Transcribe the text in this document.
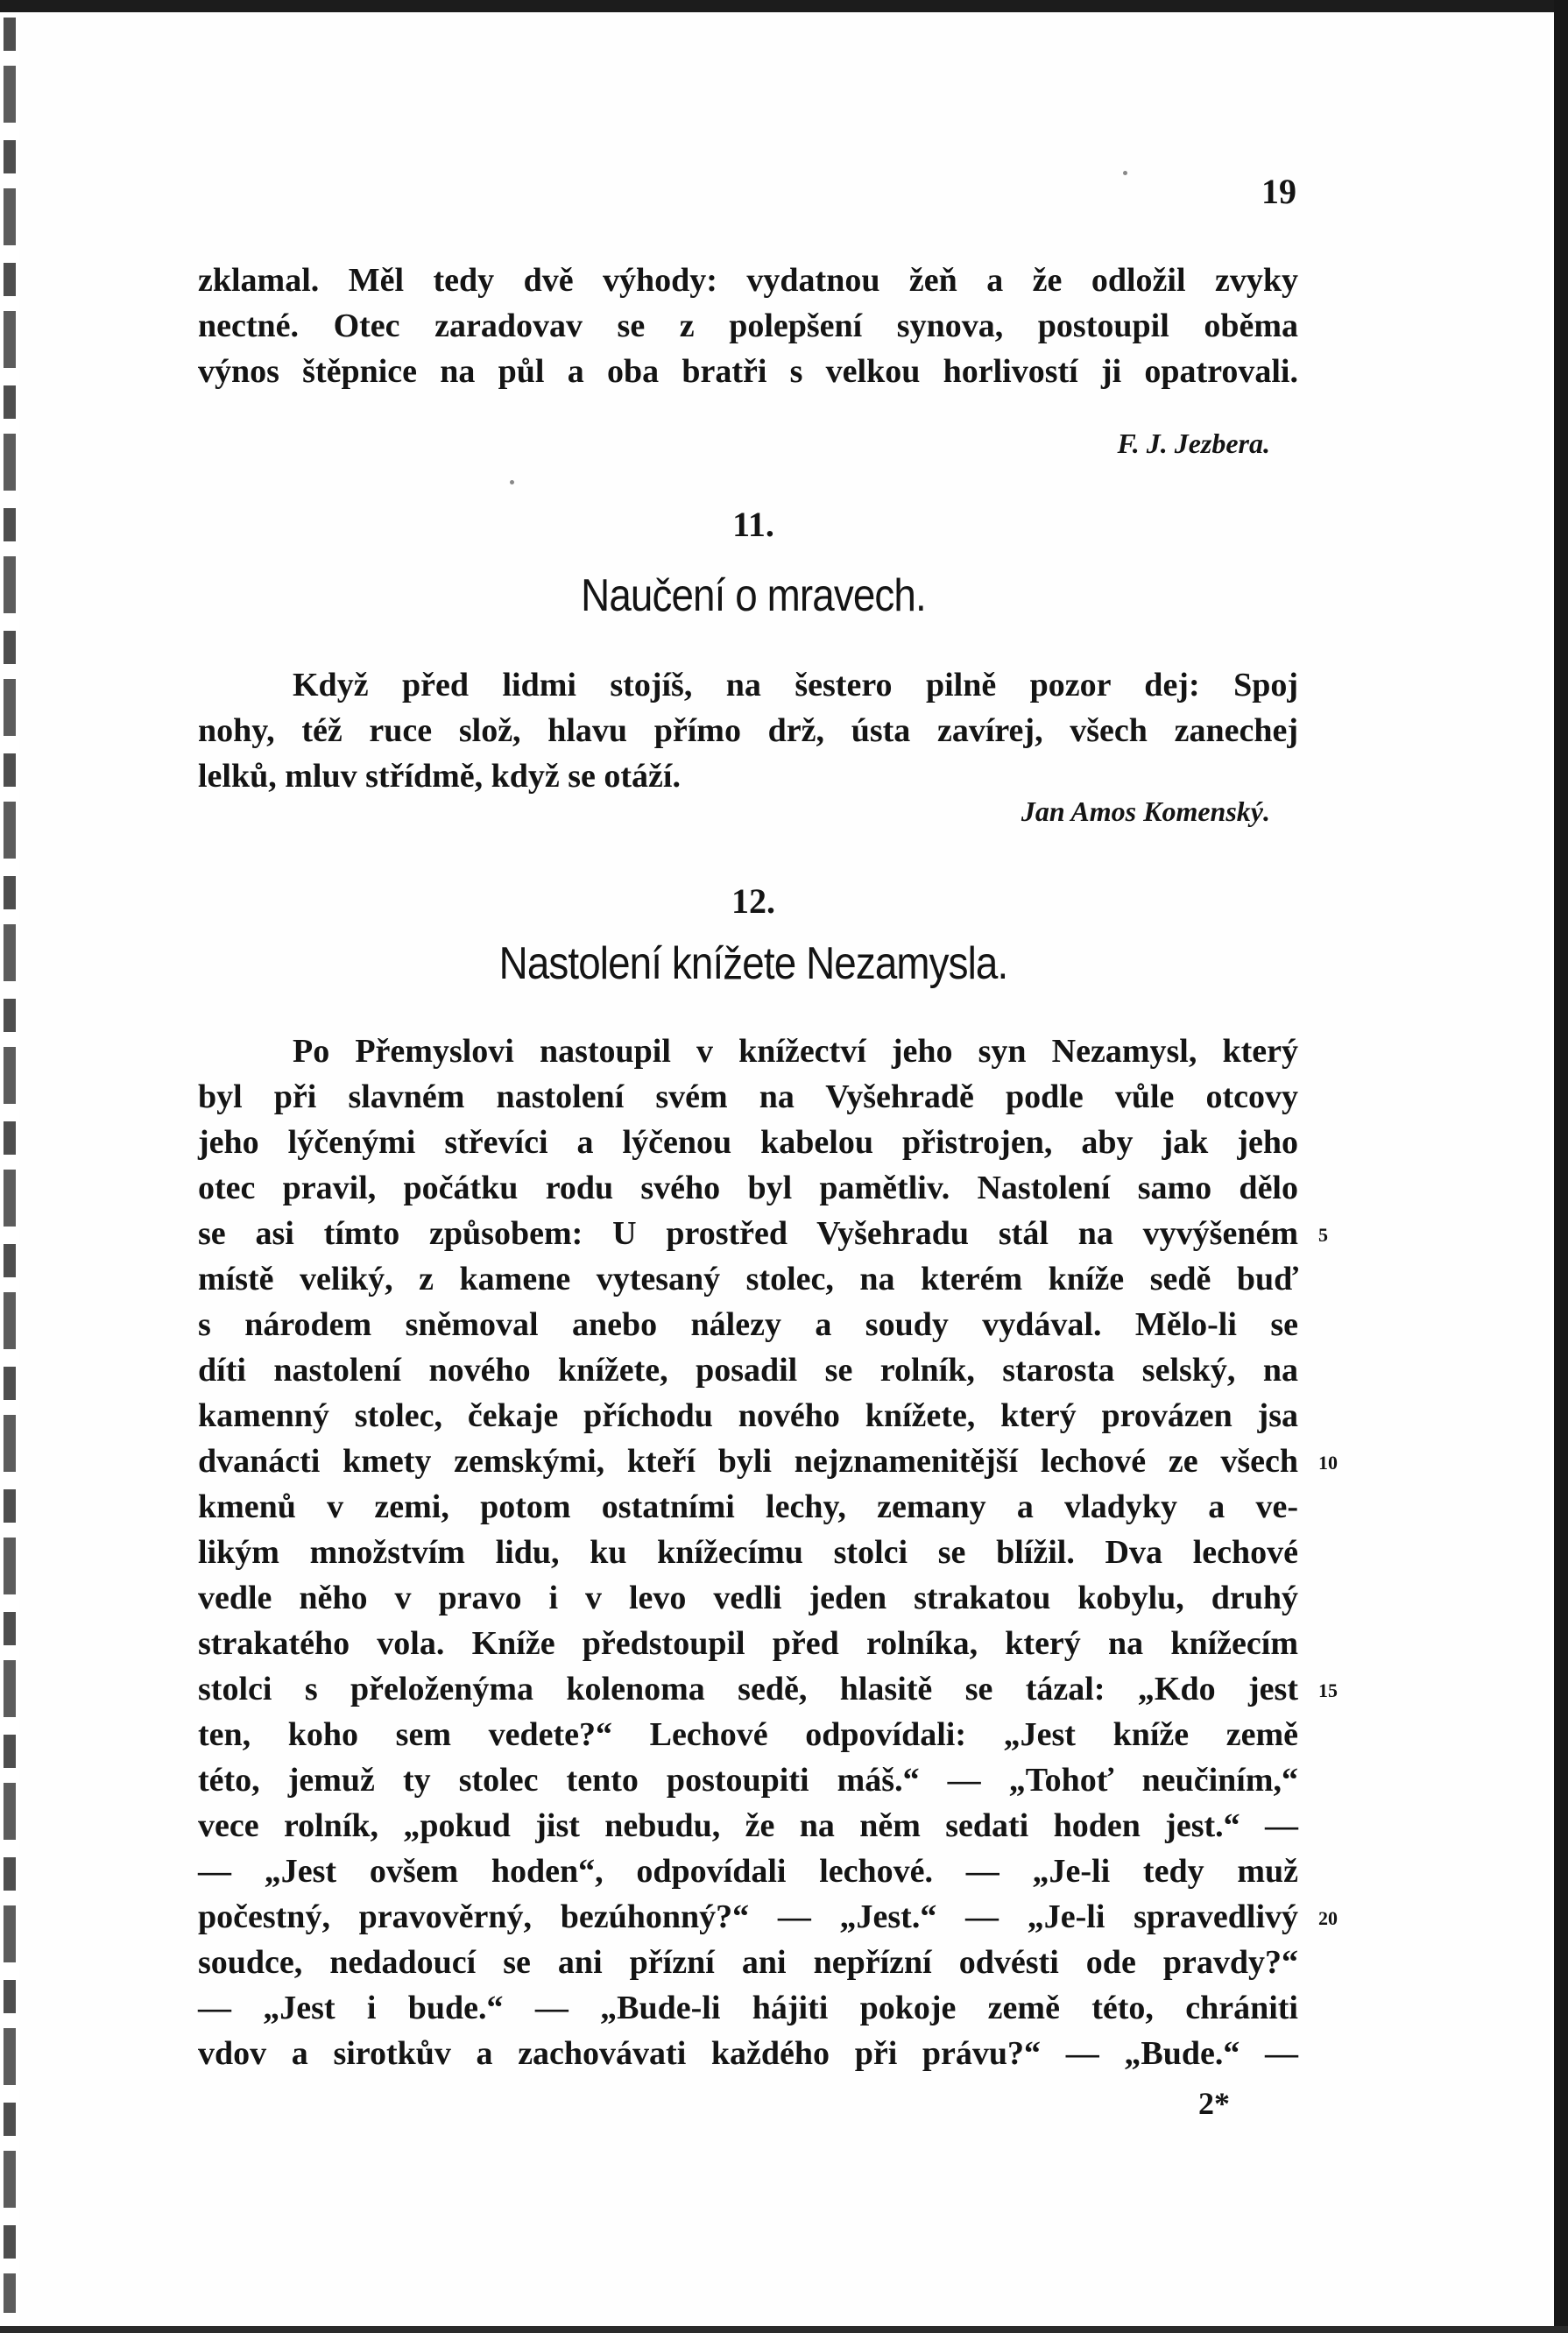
19

zklamal. Měl tedy dvě výhody: vydatnou žeň a že odložil zvyky

nectné. Otec zaradovav se z polepšení synova, postoupil oběma

výnos štěpnice na půl a oba bratři s velkou horlivostí ji opatrovali.

F. J. Jezbera.
11.
Naučení o mravech.

Když před lidmi stojíš, na šestero pilně pozor dej: Spoj

nohy, též ruce slož, hlavu přímo drž, ústa zavírej, všech zanechej

lelků, mluv střídmě, když se otáží.

Jan Amos Komenský.
12.
Nastolení knížete Nezamysla.

Po Přemyslovi nastoupil v knížectví jeho syn Nezamysl, který

byl při slavném nastolení svém na Vyšehradě podle vůle otcovy

jeho lýčenými střevíci a lýčenou kabelou přistrojen, aby jak jeho

otec pravil, počátku rodu svého byl pamětliv. Nastolení samo dělo

se asi tímto způsobem: U prostřed Vyšehradu stál na vyvýšeném

místě veliký, z kamene vytesaný stolec, na kterém kníže sedě buď

s národem sněmoval anebo nálezy a soudy vydával. Mělo-li se

díti nastolení nového knížete, posadil se rolník, starosta selský, na

kamenný stolec, čekaje příchodu nového knížete, který provázen jsa

dvanácti kmety zemskými, kteří byli nejznamenitější lechové ze všech

kmenů v zemi, potom ostatními lechy, zemany a vladyky a ve-

likým množstvím lidu, ku knížecímu stolci se blížil. Dva lechové

vedle něho v pravo i v levo vedli jeden strakatou kobylu, druhý

strakatého vola. Kníže předstoupil před rolníka, který na knížecím

stolci s přeloženýma kolenoma sedě, hlasitě se tázal: „Kdo jest

ten, koho sem vedete?“ Lechové odpovídali: „Jest kníže země

této, jemuž ty stolec tento postoupiti máš.“ — „Tohoť neučiním,“

vece rolník, „pokud jist nebudu, že na něm sedati hoden jest.“ —

— „Jest ovšem hoden“, odpovídali lechové. — „Je-li tedy muž

počestný, pravověrný, bezúhonný?“ — „Jest.“ — „Je-li spravedlivý

soudce, nedadoucí se ani přízní ani nepřízní odvésti ode pravdy?“

— „Jest i bude.“ — „Bude-li hájiti pokoje země této, chrániti

vdov a sirotkův a zachovávati každého při právu?“ — „Bude.“ —

5
10
15
20
2*
